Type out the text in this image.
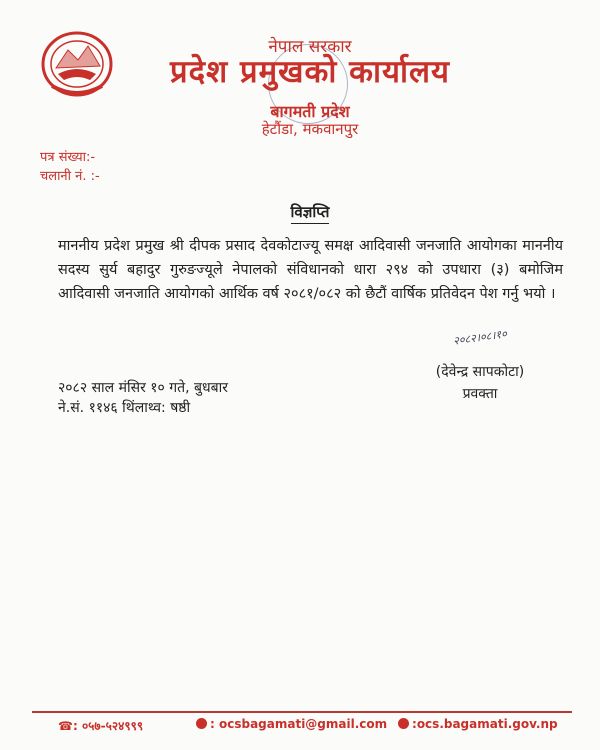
नेपाल सरकार
प्रदेश प्रमुखको कार्यालय
बागमती प्रदेश
हेटौंडा, मकवानपुर
पत्र संख्या:-
चलानी नं. :-
विज्ञप्ति
माननीय प्रदेश प्रमुख श्री दीपक प्रसाद देवकोटाज्यू समक्ष आदिवासी जनजाति आयोगका माननीय सदस्य सुर्य बहादुर गुरुङज्यूले नेपालको संविधानको धारा २९४ को उपधारा (३) बमोजिम आदिवासी जनजाति आयोगको आर्थिक वर्ष २०८१/०८२ को छैटौं वार्षिक प्रतिवेदन पेश गर्नु भयो ।
२०८२।०८।१०
(देवेन्द्र सापकोटा)
प्रवक्ता
२०८२ साल मंसिर १० गते, बुधबार
ने.सं. ११४६ थिंलाथ्व: षष्ठी
☎: ०५७-५२४९९९	: ocsbagamati@gmail.com	:ocs.bagamati.gov.np
